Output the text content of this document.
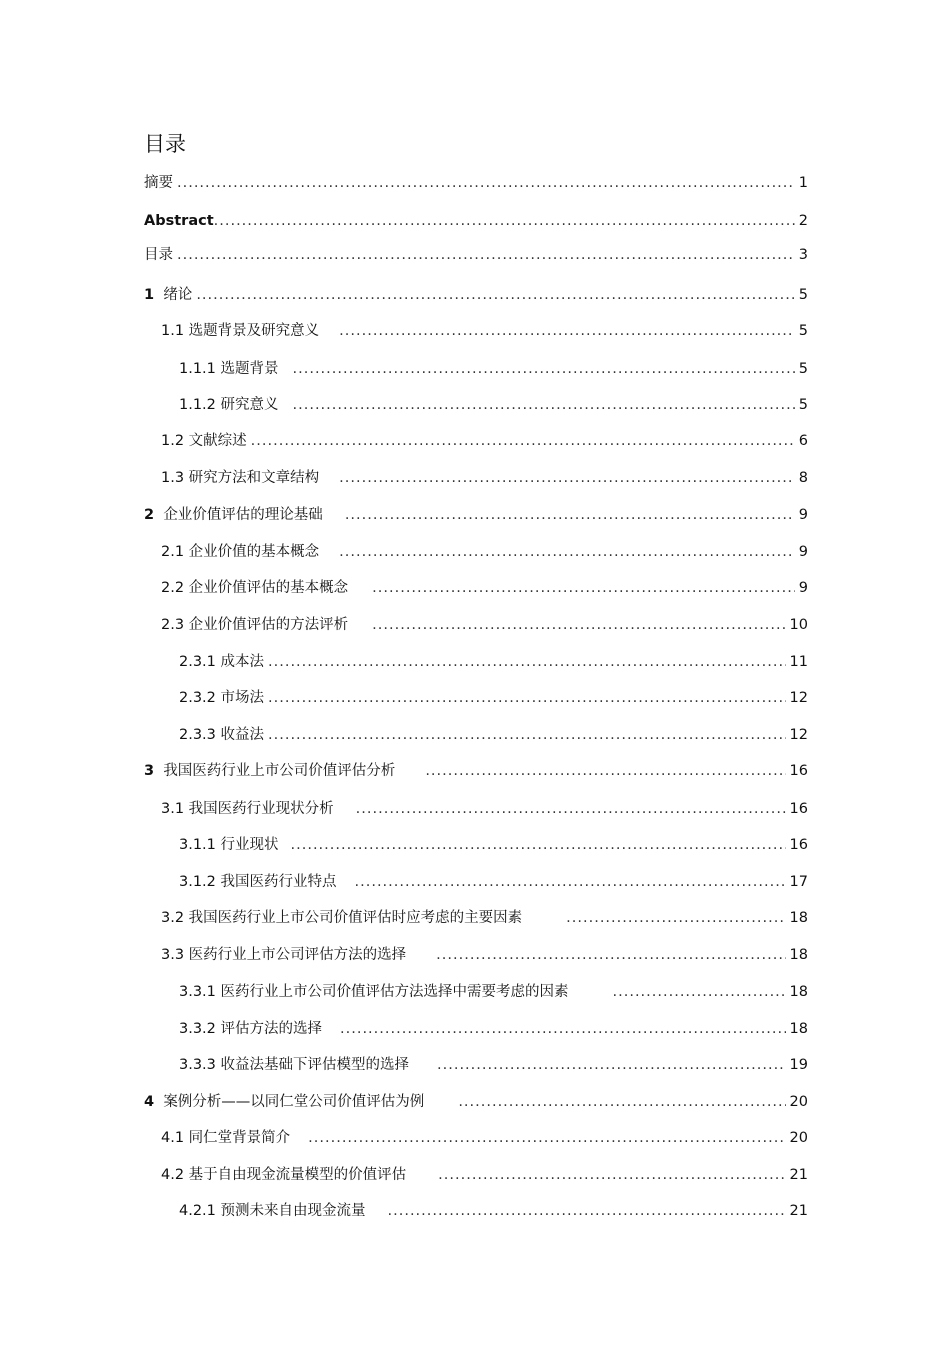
目录
摘要 .....	1
Abstract .....	2
目录 .....	3
1 绪论 .....	5
1.1 选题背景及研究意义 .....	5
1.1.1 选题背景 .....	5
1.1.2 研究意义 .....	5
1.2 文献综述 .....	6
1.3 研究方法和文章结构 .....	8
2 企业价值评估的理论基础 .....	9
2.1 企业价值的基本概念 .....	9
2.2 企业价值评估的基本概念 .....	9
2.3 企业价值评估的方法评析 .....	10
2.3.1 成本法 .....	11
2.3.2 市场法 .....	12
2.3.3 收益法 .....	12
3 我国医药行业上市公司价值评估分析 .....	16
3.1 我国医药行业现状分析 .....	16
3.1.1 行业现状 .....	16
3.1.2 我国医药行业特点 .....	17
3.2 我国医药行业上市公司价值评估时应考虑的主要因素 .....	18
3.3 医药行业上市公司评估方法的选择 .....	18
3.3.1 医药行业上市公司价值评估方法选择中需要考虑的因素 .....	18
3.3.2 评估方法的选择 .....	18
3.3.3 收益法基础下评估模型的选择 .....	19
4 案例分析——以同仁堂公司价值评估为例 .....	20
4.1 同仁堂背景简介 .....	20
4.2 基于自由现金流量模型的价值评估 .....	21
4.2.1 预测未来自由现金流量 .....	21
